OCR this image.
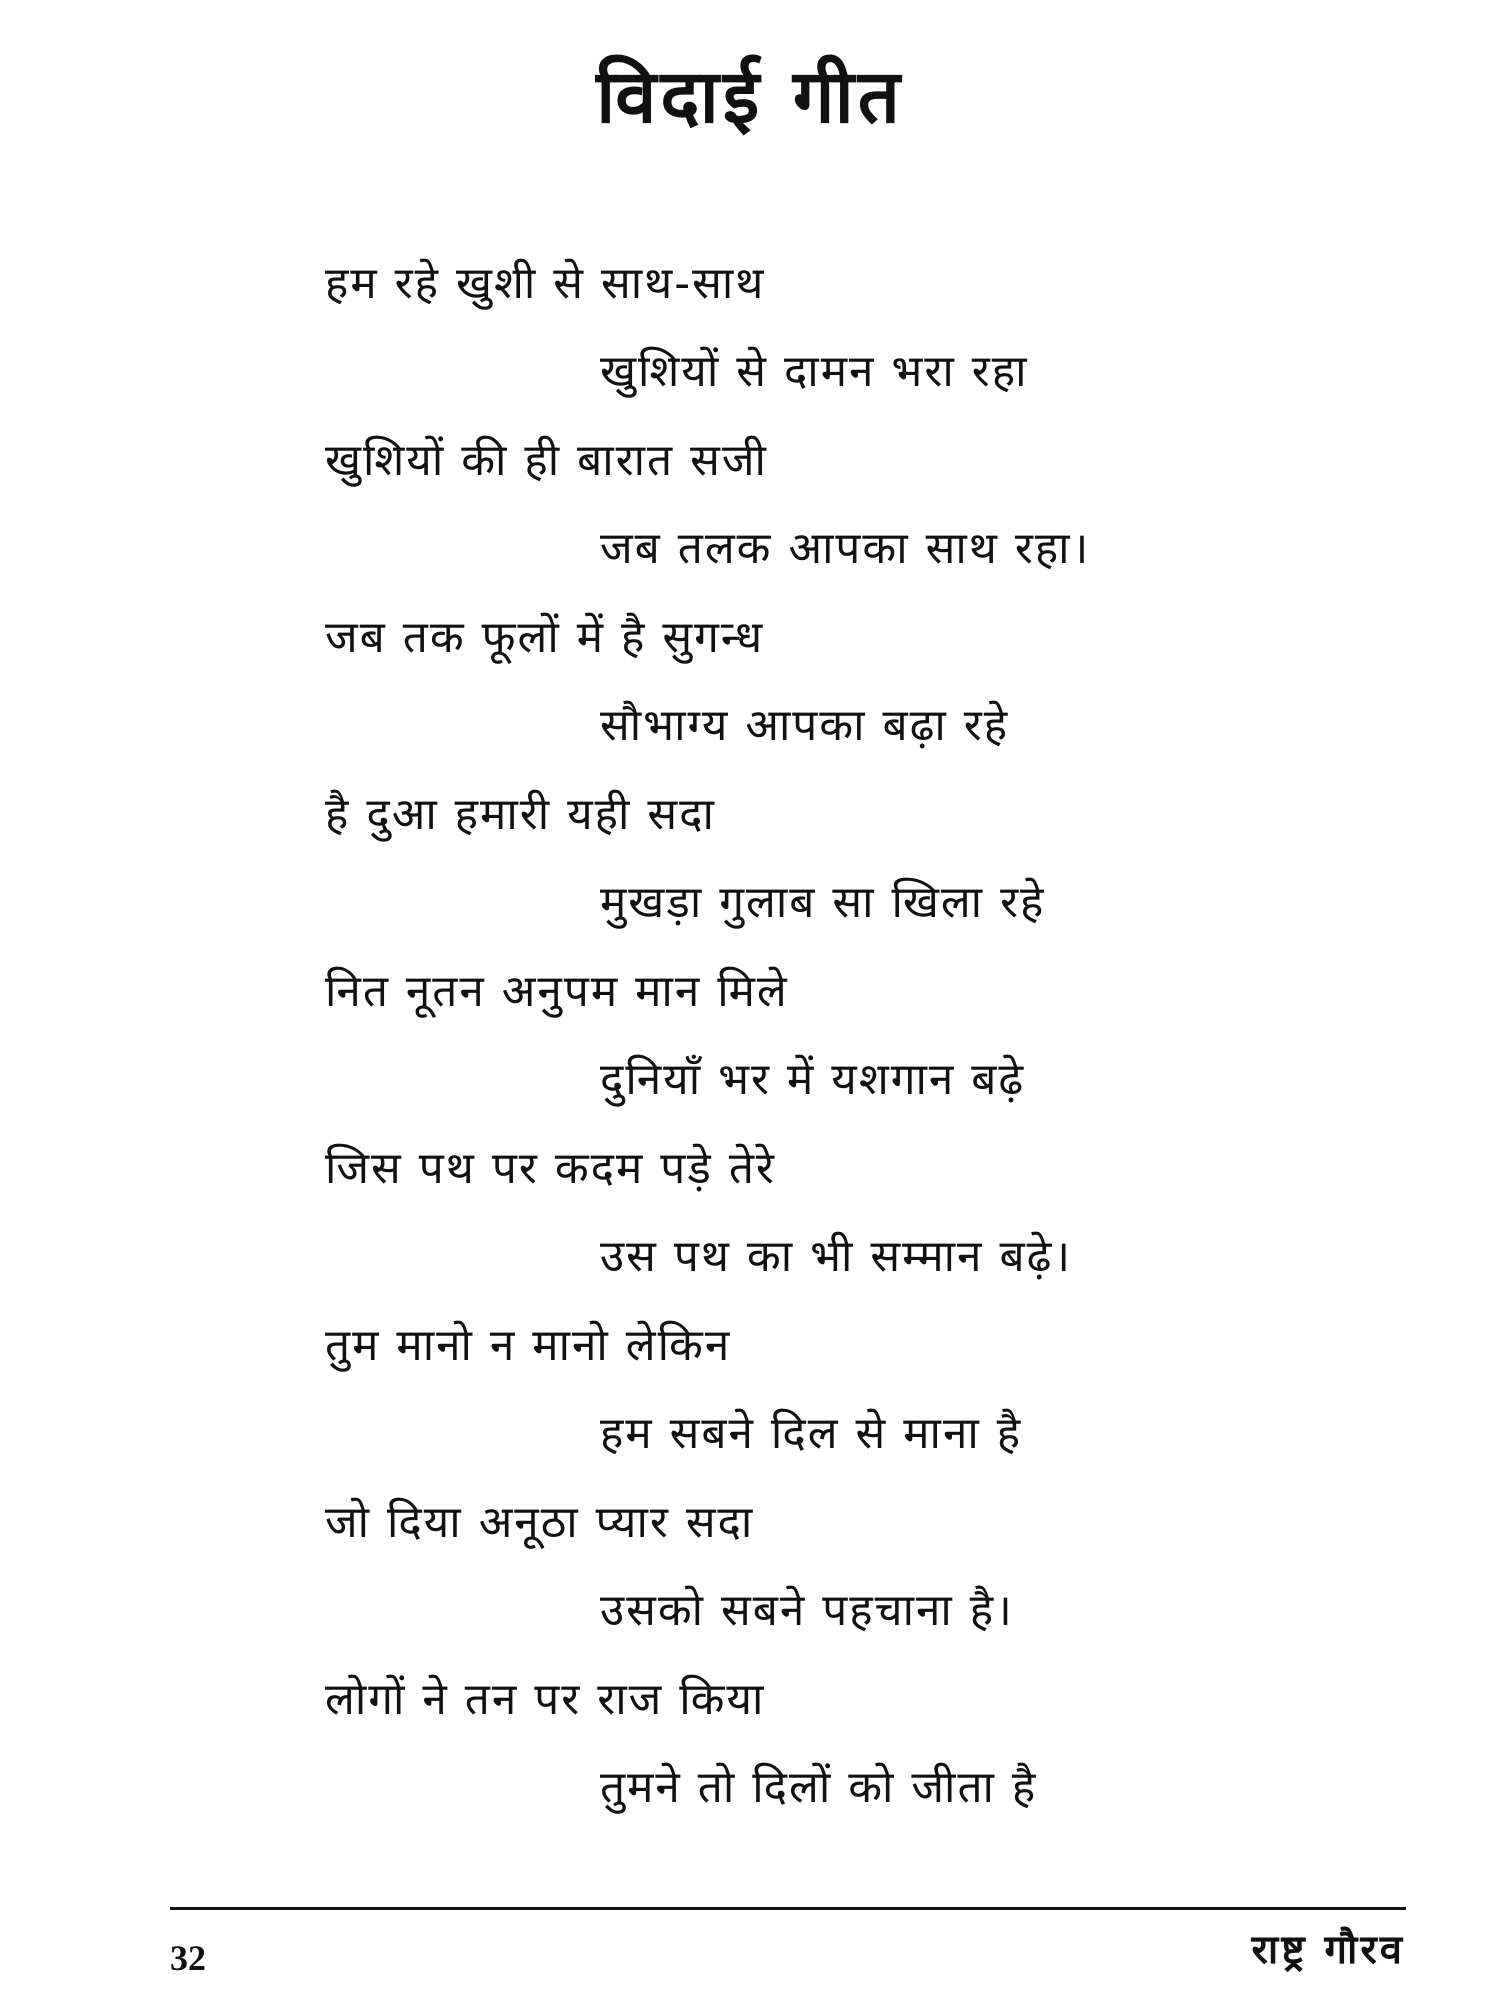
विदाई गीत
हम रहे खुशी से साथ-साथ
खुशियों से दामन भरा रहा
खुशियों की ही बारात सजी
जब तलक आपका साथ रहा।
जब तक फूलों में है सुगन्ध
सौभाग्य आपका बढ़ा रहे
है दुआ हमारी यही सदा
मुखड़ा गुलाब सा खिला रहे
नित नूतन अनुपम मान मिले
दुनियाँ भर में यशगान बढ़े
जिस पथ पर कदम पड़े तेरे
उस पथ का भी सम्मान बढ़े।
तुम मानो न मानो लेकिन
हम सबने दिल से माना है
जो दिया अनूठा प्यार सदा
उसको सबने पहचाना है।
लोगों ने तन पर राज किया
तुमने तो दिलों को जीता है
32	राष्ट्र गौरव
